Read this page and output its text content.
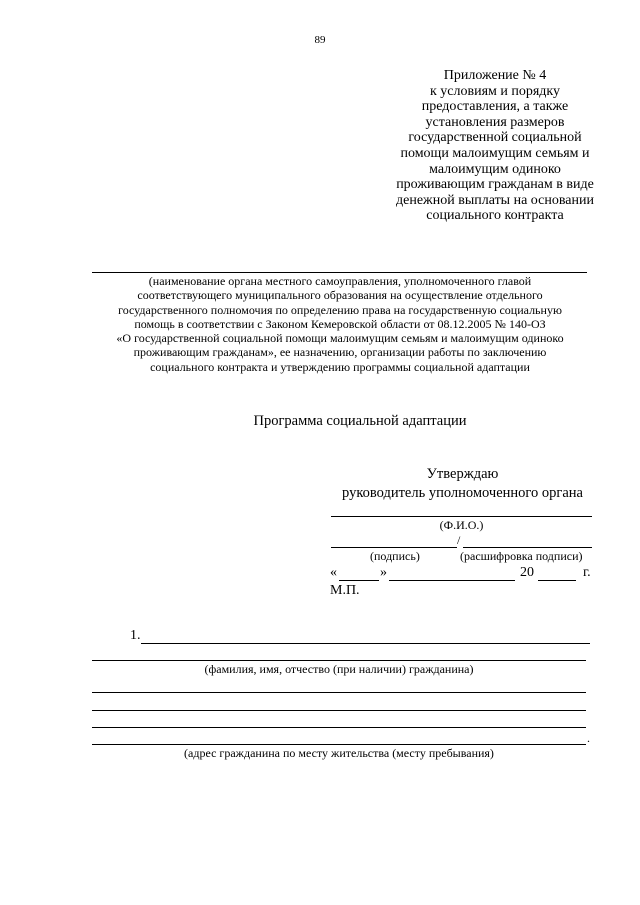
89
Приложение № 4
к условиям и порядку
предоставления, а также
установления размеров
государственной социальной
помощи малоимущим семьям и
малоимущим одиноко
проживающим гражданам в виде
денежной выплаты на основании
социального контракта
(наименование органа местного самоуправления, уполномоченного главой
соответствующего муниципального образования на осуществление отдельного
государственного полномочия по определению права на государственную социальную
помощь в соответствии с Законом Кемеровской области от 08.12.2005 № 140-ОЗ
«О государственной социальной помощи малоимущим семьям и малоимущим одиноко
проживающим гражданам», ее назначению, организации работы по заключению
социального контракта и утверждению программы социальной адаптации
Программа социальной адаптации
Утверждаю
руководитель уполномоченного органа
(Ф.И.О.)
/
(подпись)	(расшифровка подписи)
«	»	20	г.
М.П.
1.
(фамилия, имя, отчество (при наличии) гражданина)
.
(адрес гражданина по месту жительства (месту пребывания)
